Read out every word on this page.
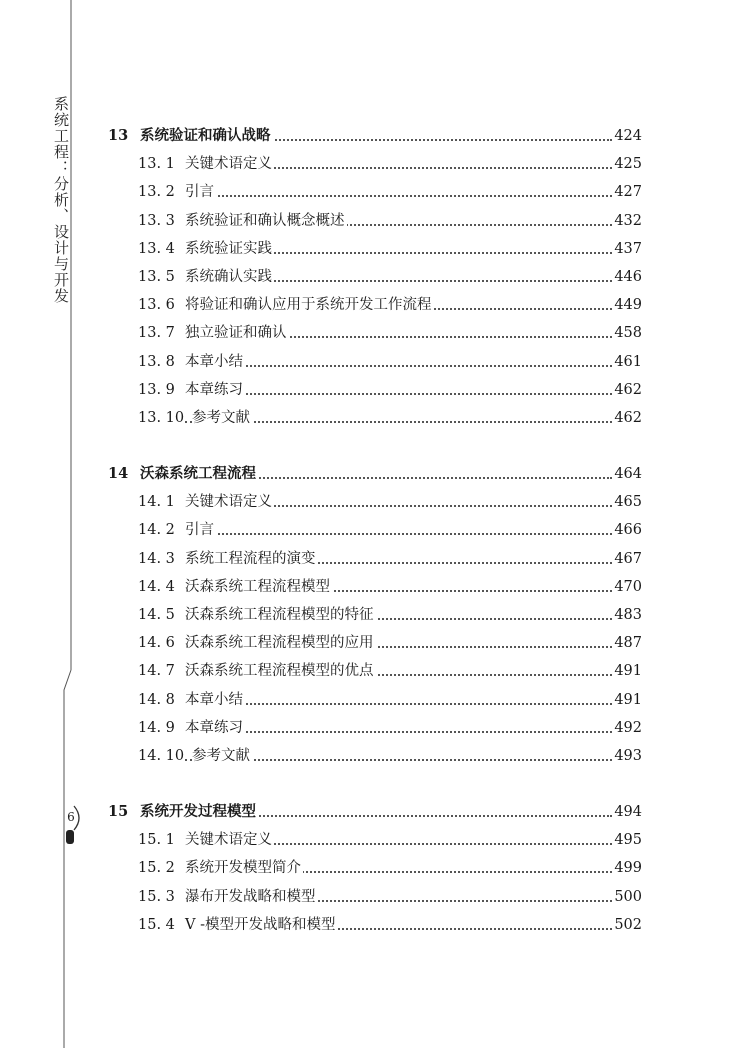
系统工程：分析、设计与开发
6
13 系统验证和确认战略	424
13. 1 关键术语定义	425
13. 2 引言	427
13. 3 系统验证和确认概念概述	432
13. 4 系统验证实践	437
13. 5 系统确认实践	446
13. 6 将验证和确认应用于系统开发工作流程	449
13. 7 独立验证和确认	458
13. 8 本章小结	461
13. 9 本章练习	462
13. 10 参考文献	462
14 沃森系统工程流程	464
14. 1 关键术语定义	465
14. 2 引言	466
14. 3 系统工程流程的演变	467
14. 4 沃森系统工程流程模型	470
14. 5 沃森系统工程流程模型的特征	483
14. 6 沃森系统工程流程模型的应用	487
14. 7 沃森系统工程流程模型的优点	491
14. 8 本章小结	491
14. 9 本章练习	492
14. 10 参考文献	493
15 系统开发过程模型	494
15. 1 关键术语定义	495
15. 2 系统开发模型简介	499
15. 3 瀑布开发战略和模型	500
15. 4 V -模型开发战略和模型	502
